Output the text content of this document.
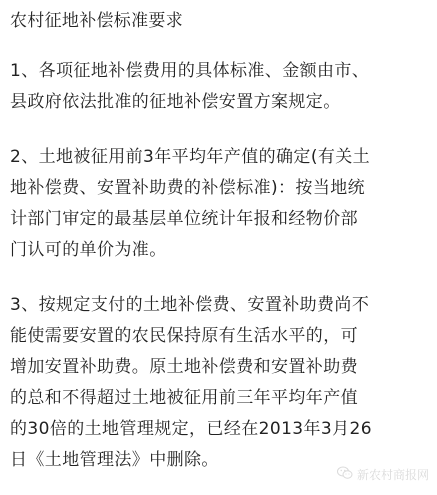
农村征地补偿标准要求
1、各项征地补偿费用的具体标准、金额由市、
县政府依法批准的征地补偿安置方案规定。
2、土地被征用前3年平均年产值的确定(有关土
地补偿费、安置补助费的补偿标准)：按当地统
计部门审定的最基层单位统计年报和经物价部
门认可的单价为准。
3、按规定支付的土地补偿费、安置补助费尚不
能使需要安置的农民保持原有生活水平的，可
增加安置补助费。原土地补偿费和安置补助费
的总和不得超过土地被征用前三年平均年产值
的30倍的土地管理规定，已经在2013年3月26
日《土地管理法》中删除。
新农村商报网
